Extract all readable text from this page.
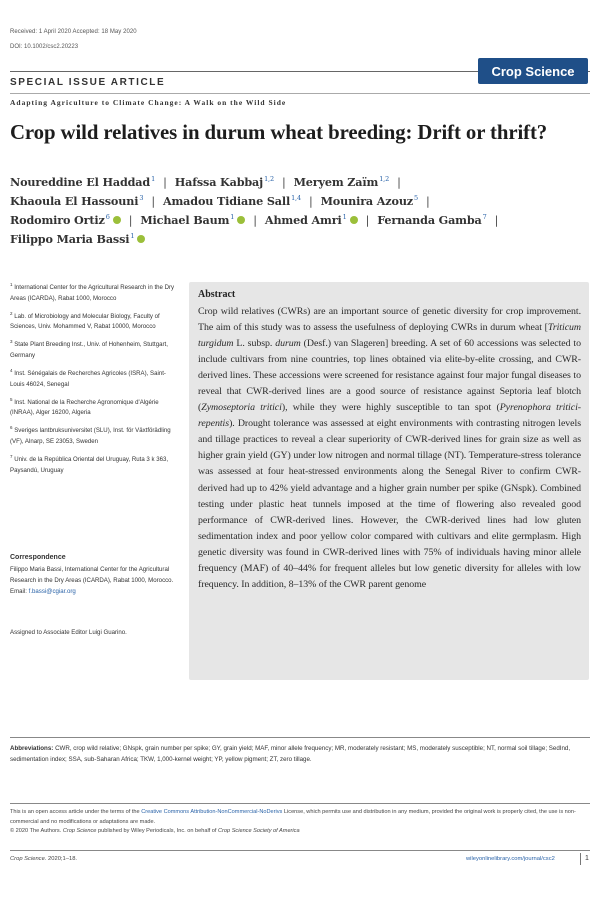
Received: 1 April 2020 Accepted: 18 May 2020
DOI: 10.1002/csc2.20223
SPECIAL ISSUE ARTICLE
Crop Science
Adapting Agriculture to Climate Change: A Walk on the Wild Side
Crop wild relatives in durum wheat breeding: Drift or thrift?
Noureddine El Haddad$^1$ | Hafssa Kabbaj$^{1,2}$ | Meryem Zaïm$^{1,2}$ |
Khaoula El Hassouni$^3$ | Amadou Tidiane Sall$^{1,4}$ | Mounira Azouz$^5$ |
Rodomiro Ortiz$^6$ | Michael Baum$^1$ | Ahmed Amri$^1$ | Fernanda Gamba$^7$ |
Filippo Maria Bassi$^1$
$^1$ International Center for the Agricultural Research in the Dry Areas (ICARDA), Rabat 1000, Morocco
$^2$ Lab. of Microbiology and Molecular Biology, Faculty of Sciences, Univ. Mohammed V, Rabat 10000, Morocco
$^3$ State Plant Breeding Inst., Univ. of Hohenheim, Stuttgart, Germany
$^4$ Inst. Sénégalais de Recherches Agricoles (ISRA), Saint-Louis 46024, Senegal
$^5$ Inst. National de la Recherche Agronomique d'Algérie (INRAA), Alger 16200, Algeria
$^6$ Sveriges lantbruksuniversitet (SLU), Inst. för Växtförädling (VF), Alnarp, SE 23053, Sweden
$^7$ Univ. de la República Oriental del Uruguay, Ruta 3 k 363, Paysandú, Uruguay
Correspondence
Filippo Maria Bassi, International Center for the Agricultural Research in the Dry Areas (ICARDA), Rabat 1000, Morocco.
Email: f.bassi@cgiar.org
Assigned to Associate Editor Luigi Guarino.
Abstract
Crop wild relatives (CWRs) are an important source of genetic diversity for crop improvement. The aim of this study was to assess the usefulness of deploying CWRs in durum wheat [Triticum turgidum L. subsp. durum (Desf.) van Slageren] breeding. A set of 60 accessions was selected to include cultivars from nine countries, top lines obtained via elite-by-elite crossing, and CWR-derived lines. These accessions were screened for resistance against four major fungal diseases to reveal that CWR-derived lines are a good source of resistance against Septoria leaf blotch (Zymoseptoria tritici), while they were highly susceptible to tan spot (Pyrenophora tritici-repentis). Drought tolerance was assessed at eight environments with contrasting nitrogen levels and tillage practices to reveal a clear superiority of CWR-derived lines for grain size as well as higher grain yield (GY) under low nitrogen and normal tillage (NT). Temperature-stress tolerance was assessed at four heat-stressed environments along the Senegal River to confirm CWR-derived had up to 42% yield advantage and a higher grain number per spike (GNspk). Combined testing under plastic heat tunnels imposed at the time of flowering also revealed good performance of CWR-derived lines. However, the CWR-derived lines had low gluten sedimentation index and poor yellow color compared with cultivars and elite germplasm. High genetic diversity was found in CWR-derived lines with 75% of individuals having minor allele frequency (MAF) of 40–44% for frequent alleles but low genetic diversity for alleles with low frequency. In addition, 8–13% of the CWR parent genome
Abbreviations: CWR, crop wild relative; GNspk, grain number per spike; GY, grain yield; MAF, minor allele frequency; MR, moderately resistant; MS, moderately susceptible; NT, normal soil tillage; SedInd, sedimentation index; SSA, sub-Saharan Africa; TKW, 1,000-kernel weight; YP, yellow pigment; ZT, zero tillage.
This is an open access article under the terms of the Creative Commons Attribution-NonCommercial-NoDerivs License, which permits use and distribution in any medium, provided the original work is properly cited, the use is non-commercial and no modifications or adaptations are made.
© 2020 The Authors. Crop Science published by Wiley Periodicals, Inc. on behalf of Crop Science Society of America
Crop Science. 2020;1–18.	wileyonlinelibrary.com/journal/csc2	1
